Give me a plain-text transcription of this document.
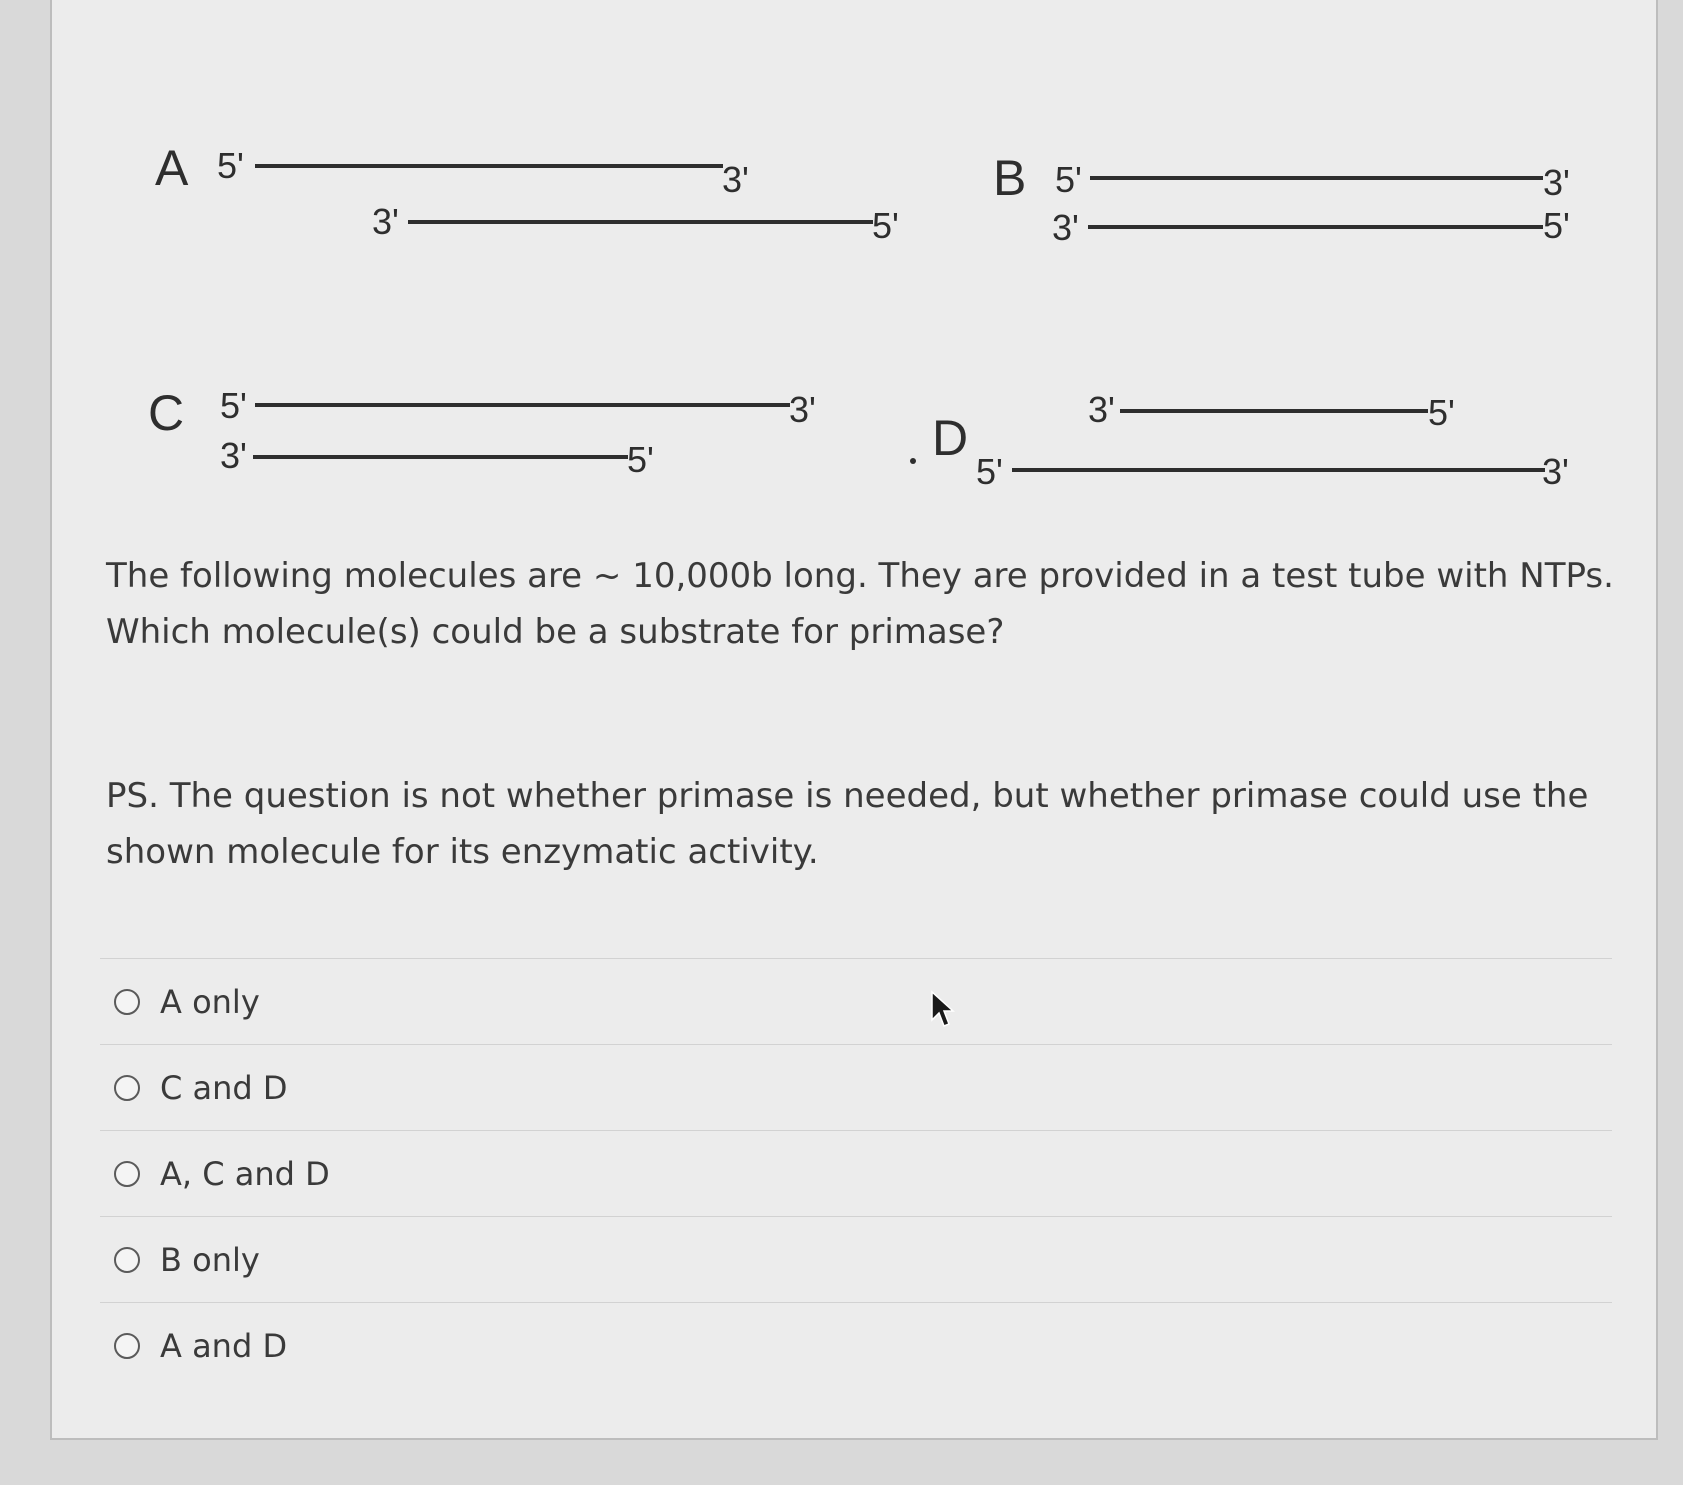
A 5'	3'
3'	5'
B 5'	3'
3'	5'
C 5'	3'
3'	5'	D
3'	5'
5'	3'

The following molecules are ~ 10,000b long. They are provided in a test tube with NTPs. Which molecule(s) could be a substrate for primase?

PS. The question is not whether primase is needed, but whether primase could use the shown molecule for its enzymatic activity.

A only
C and D
A, C and D
B only
A and D
